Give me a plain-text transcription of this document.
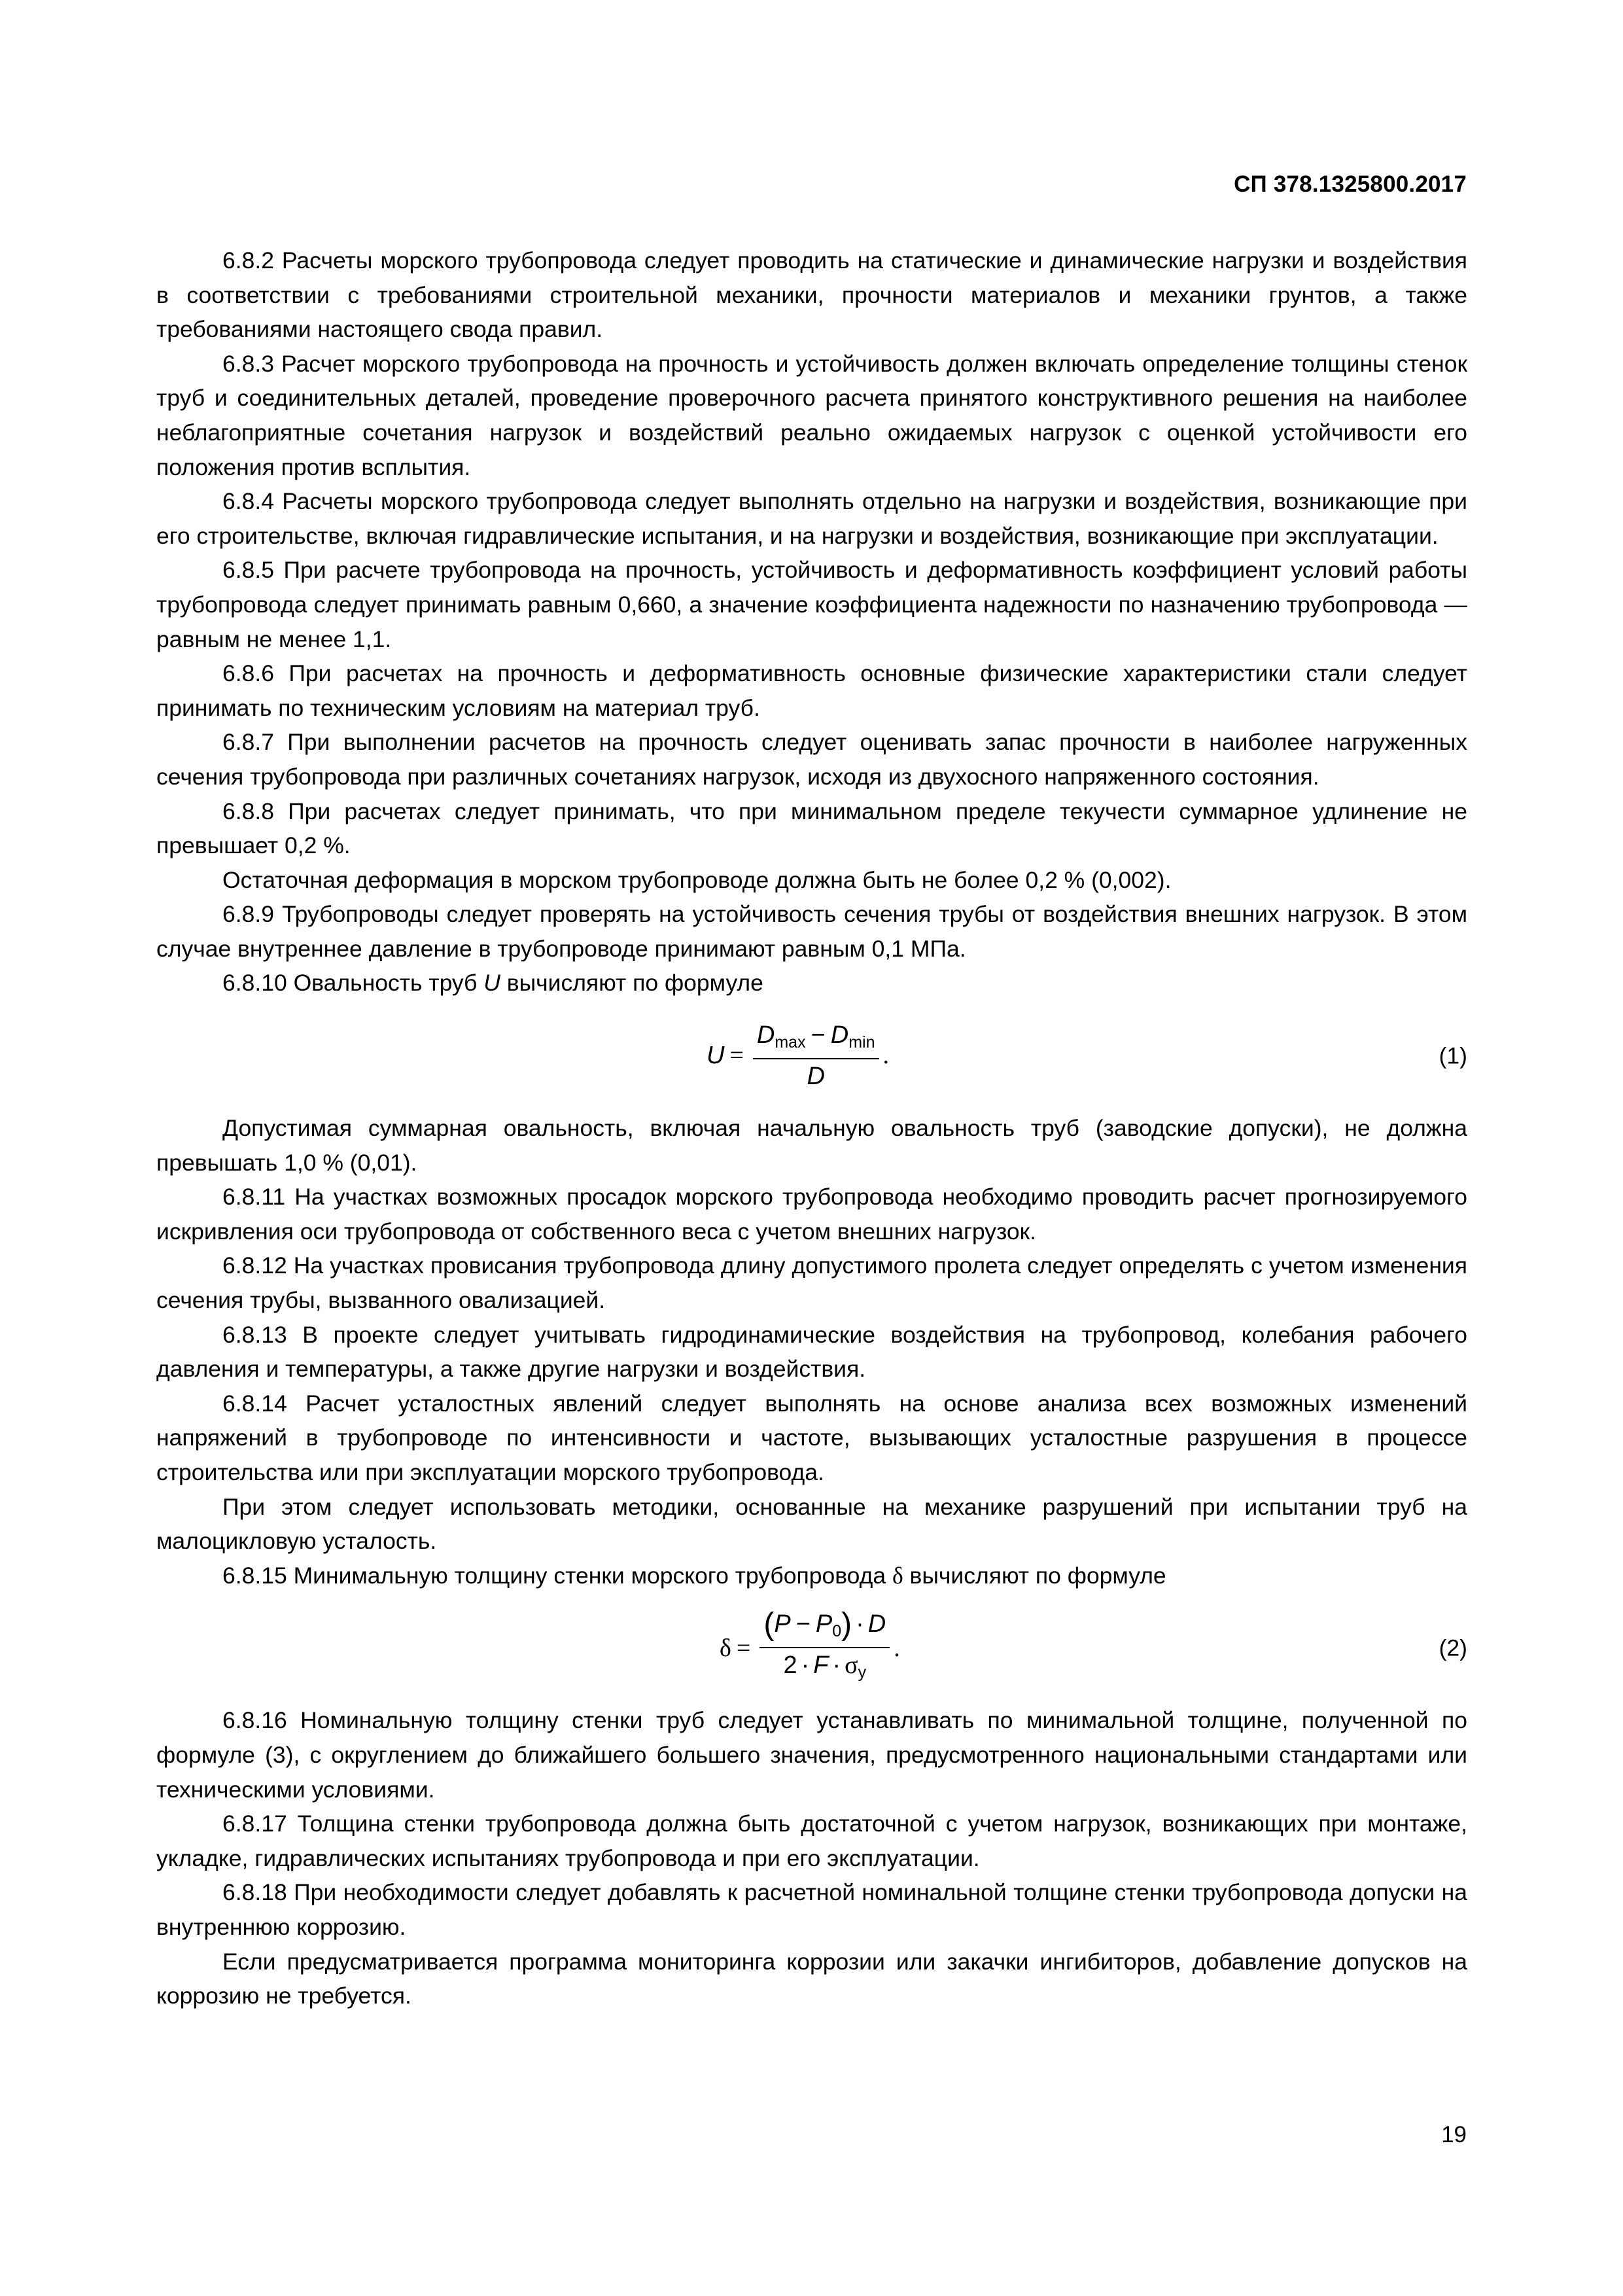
СП 378.1325800.2017

6.8.2 Расчеты морского трубопровода следует проводить на статические и динамические нагрузки и воздействия в соответствии с требованиями строительной механики, прочности материалов и механики грунтов, а также требованиями настоящего свода правил.

6.8.3 Расчет морского трубопровода на прочность и устойчивость должен включать определение толщины стенок труб и соединительных деталей, проведение проверочного расчета принятого конструктивного решения на наиболее неблагоприятные сочетания нагрузок и воздействий реально ожидаемых нагрузок с оценкой устойчивости его положения против всплытия.

6.8.4 Расчеты морского трубопровода следует выполнять отдельно на нагрузки и воздействия, возникающие при его строительстве, включая гидравлические испытания, и на нагрузки и воздействия, возникающие при эксплуатации.

6.8.5 При расчете трубопровода на прочность, устойчивость и деформативность коэффициент условий работы трубопровода следует принимать равным 0,660, а значение коэффициента надежности по назначению трубопровода — равным не менее 1,1.

6.8.6 При расчетах на прочность и деформативность основные физические характеристики стали следует принимать по техническим условиям на материал труб.

6.8.7 При выполнении расчетов на прочность следует оценивать запас прочности в наиболее нагруженных сечения трубопровода при различных сочетаниях нагрузок, исходя из двухосного напряженного состояния.

6.8.8 При расчетах следует принимать, что при минимальном пределе текучести суммарное удлинение не превышает 0,2 %.

Остаточная деформация в морском трубопроводе должна быть не более 0,2 % (0,002).

6.8.9 Трубопроводы следует проверять на устойчивость сечения трубы от воздействия внешних нагрузок. В этом случае внутреннее давление в трубопроводе принимают равным 0,1 МПа.

6.8.10 Овальность труб U вычисляют по формуле

$U = \frac{D_{max} - D_{min}}{D}$ .	(1)

Допустимая суммарная овальность, включая начальную овальность труб (заводские допуски), не должна превышать 1,0 % (0,01).

6.8.11 На участках возможных просадок морского трубопровода необходимо проводить расчет прогнозируемого искривления оси трубопровода от собственного веса с учетом внешних нагрузок.

6.8.12 На участках провисания трубопровода длину допустимого пролета следует определять с учетом изменения сечения трубы, вызванного овализацией.

6.8.13 В проекте следует учитывать гидродинамические воздействия на трубопровод, колебания рабочего давления и температуры, а также другие нагрузки и воздействия.

6.8.14 Расчет усталостных явлений следует выполнять на основе анализа всех возможных изменений напряжений в трубопроводе по интенсивности и частоте, вызывающих усталостные разрушения в процессе строительства или при эксплуатации морского трубопровода.

При этом следует использовать методики, основанные на механике разрушений при испытании труб на малоцикловую усталость.

6.8.15 Минимальную толщину стенки морского трубопровода δ вычисляют по формуле

$\delta = \frac{(P - P_0) \cdot D}{2 \cdot F \cdot \sigma_y}$ .	(2)

6.8.16 Номинальную толщину стенки труб следует устанавливать по минимальной толщине, полученной по формуле (3), с округлением до ближайшего большего значения, предусмотренного национальными стандартами или техническими условиями.

6.8.17 Толщина стенки трубопровода должна быть достаточной с учетом нагрузок, возникающих при монтаже, укладке, гидравлических испытаниях трубопровода и при его эксплуатации.

6.8.18 При необходимости следует добавлять к расчетной номинальной толщине стенки трубопровода допуски на внутреннюю коррозию.

Если предусматривается программа мониторинга коррозии или закачки ингибиторов, добавление допусков на коррозию не требуется.

19
